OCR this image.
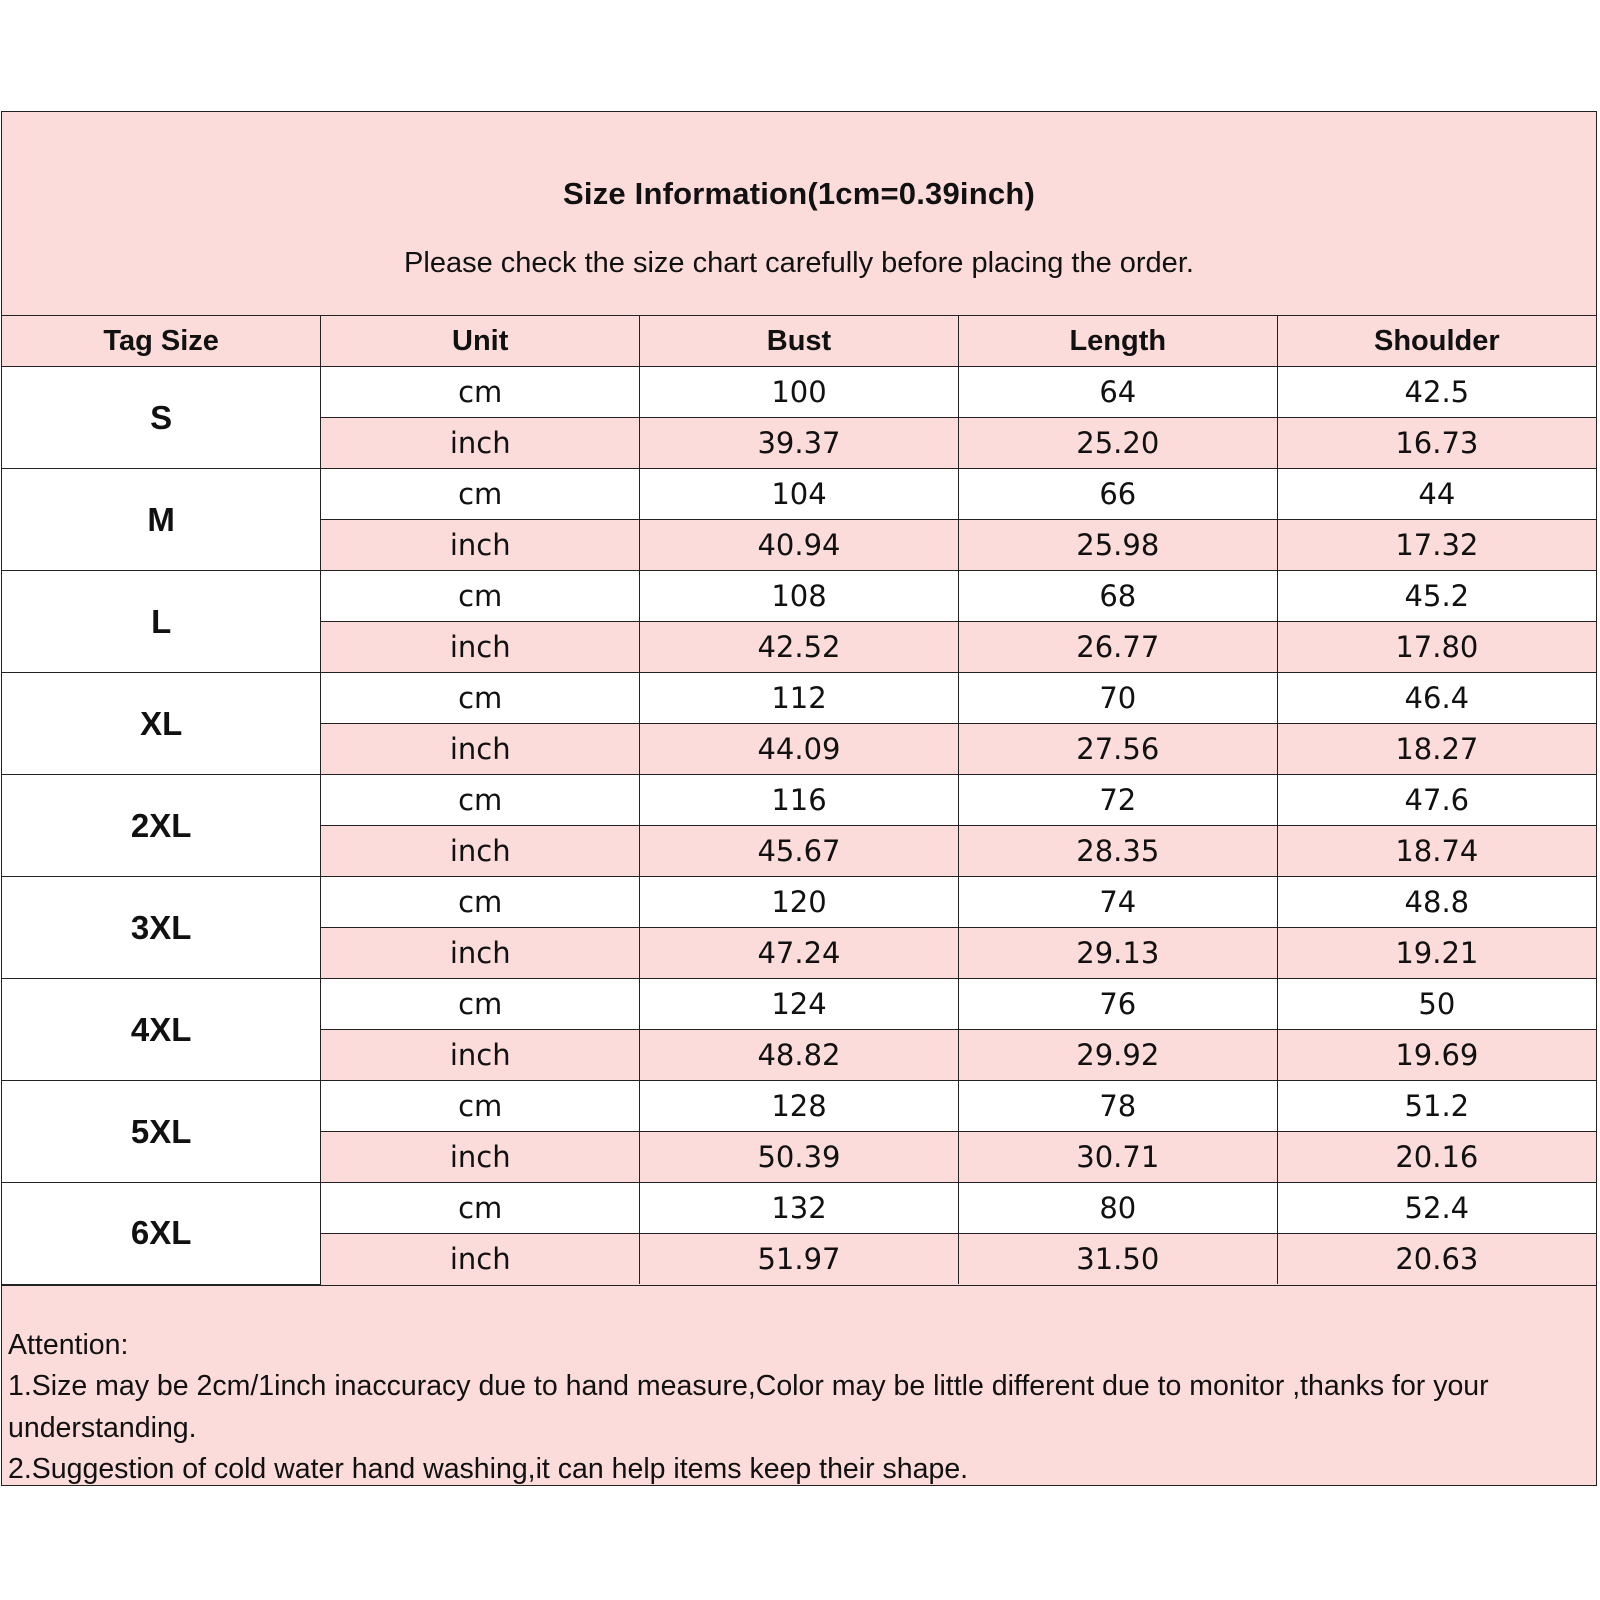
Size Information(1cm=0.39inch)
Please check the size chart carefully before placing the order.
Tag Size	Unit	Bust	Length	Shoulder
S	cm	100	64	42.5
	inch	39.37	25.20	16.73
M	cm	104	66	44
	inch	40.94	25.98	17.32
L	cm	108	68	45.2
	inch	42.52	26.77	17.80
XL	cm	112	70	46.4
	inch	44.09	27.56	18.27
2XL	cm	116	72	47.6
	inch	45.67	28.35	18.74
3XL	cm	120	74	48.8
	inch	47.24	29.13	19.21
4XL	cm	124	76	50
	inch	48.82	29.92	19.69
5XL	cm	128	78	51.2
	inch	50.39	30.71	20.16
6XL	cm	132	80	52.4
	inch	51.97	31.50	20.63

Attention:

1.Size may be 2cm/1inch inaccuracy due to hand measure,Color may be little different due to monitor ,thanks for your understanding.

2.Suggestion of cold water hand washing,it can help items keep their shape.
